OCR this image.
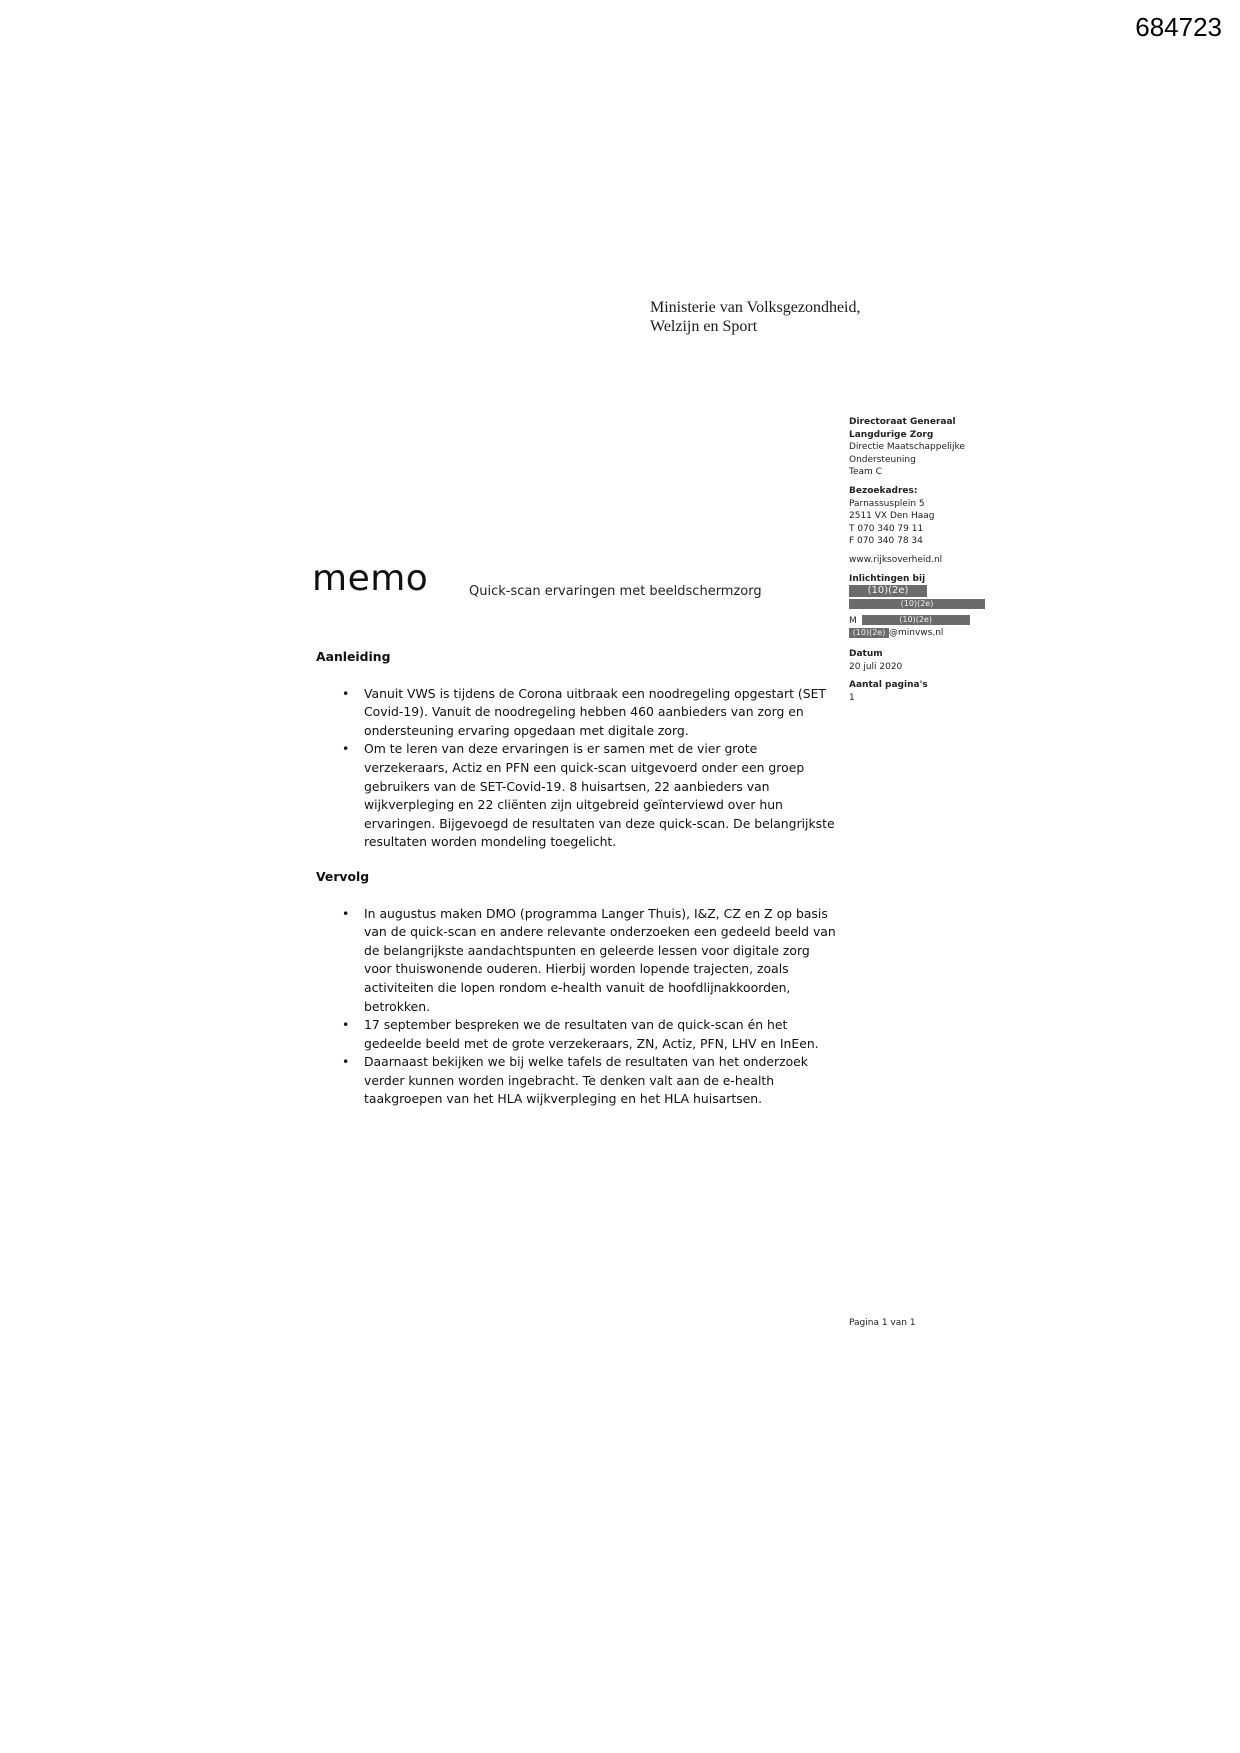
684723
Ministerie van Volksgezondheid,
Welzijn en Sport
Directoraat Generaal
Langdurige Zorg
Directie Maatschappelijke
Ondersteuning
Team C
Bezoekadres:
Parnassusplein 5
2511 VX Den Haag
T 070 340 79 11
F 070 340 78 34
www.rijksoverheid.nl
Inlichtingen bij
(10)(2e)
(10)(2e)
M	(10)(2e)
(10)(2e) @minvws.nl
Datum
20 juli 2020
Aantal pagina's
1
memo	Quick-scan ervaringen met beeldschermzorg
Aanleiding
• Vanuit VWS is tijdens de Corona uitbraak een noodregeling opgestart (SET Covid-19). Vanuit de noodregeling hebben 460 aanbieders van zorg en ondersteuning ervaring opgedaan met digitale zorg.
• Om te leren van deze ervaringen is er samen met de vier grote verzekeraars, Actiz en PFN een quick-scan uitgevoerd onder een groep gebruikers van de SET-Covid-19. 8 huisartsen, 22 aanbieders van wijkverpleging en 22 cliënten zijn uitgebreid geïnterviewd over hun ervaringen. Bijgevoegd de resultaten van deze quick-scan. De belangrijkste resultaten worden mondeling toegelicht.
Vervolg
• In augustus maken DMO (programma Langer Thuis), I&Z, CZ en Z op basis van de quick-scan en andere relevante onderzoeken een gedeeld beeld van de belangrijkste aandachtspunten en geleerde lessen voor digitale zorg voor thuiswonende ouderen. Hierbij worden lopende trajecten, zoals activiteiten die lopen rondom e-health vanuit de hoofdlijnakkoorden, betrokken.
• 17 september bespreken we de resultaten van de quick-scan én het gedeelde beeld met de grote verzekeraars, ZN, Actiz, PFN, LHV en InEen.
• Daarnaast bekijken we bij welke tafels de resultaten van het onderzoek verder kunnen worden ingebracht. Te denken valt aan de e-health taakgroepen van het HLA wijkverpleging en het HLA huisartsen.
Pagina 1 van 1
